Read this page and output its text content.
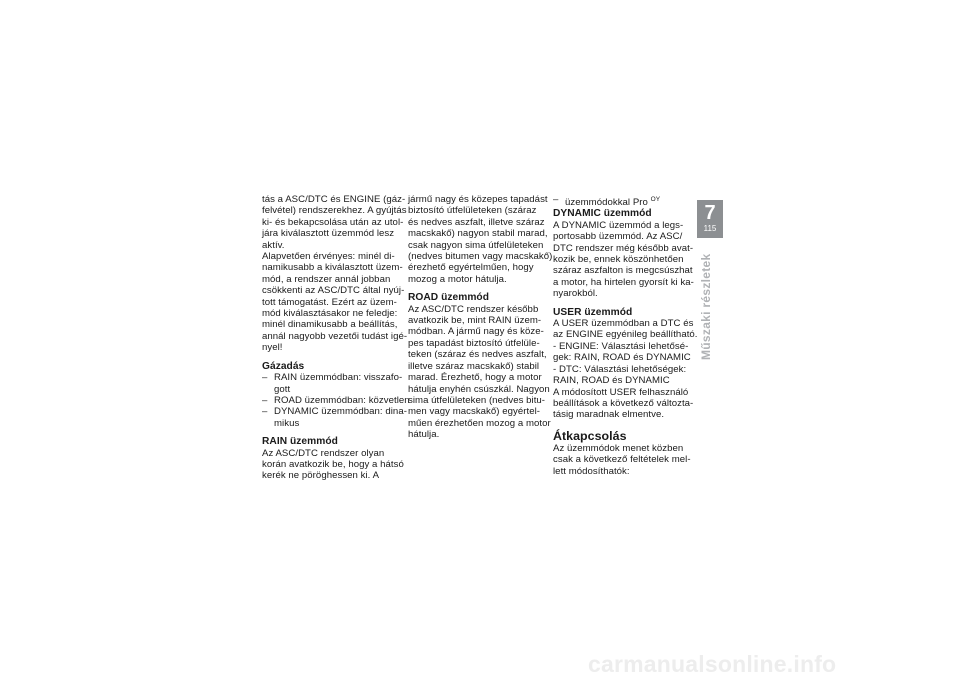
tás a ASC/DTC és ENGINE (gáz-
felvétel) rendszerekhez. A gyújtás
ki- és bekapcsolása után az utol-
jára kiválasztott üzemmód lesz
aktív.
Alapvetően érvényes: minél di-
namikusabb a kiválasztott üzem-
mód, a rendszer annál jobban
csökkenti az ASC/DTC által nyúj-
tott támogatást. Ezért az üzem-
mód kiválasztásakor ne feledje:
minél dinamikusabb a beállítás,
annál nagyobb vezetői tudást igé-
nyel!
Gázadás
– RAIN üzemmódban: visszafo-
gott
– ROAD üzemmódban: közvetlen
– DYNAMIC üzemmódban: dina-
mikus
RAIN üzemmód
Az ASC/DTC rendszer olyan
korán avatkozik be, hogy a hátsó
kerék ne pöröghessen ki. A
jármű nagy és közepes tapadást
biztosító útfelületeken (száraz
és nedves aszfalt, illetve száraz
macskakő) nagyon stabil marad,
csak nagyon sima útfelületeken
(nedves bitumen vagy macskakő)
érezhető egyértelműen, hogy
mozog a motor hátulja.
ROAD üzemmód
Az ASC/DTC rendszer később
avatkozik be, mint RAIN üzem-
módban. A jármű nagy és köze-
pes tapadást biztosító útfelüle-
teken (száraz és nedves aszfalt,
illetve száraz macskakő) stabil
marad. Érezhető, hogy a motor
hátulja enyhén csúszkál. Nagyon
sima útfelületeken (nedves bitu-
men vagy macskakő) egyértel-
műen érezhetően mozog a motor
hátulja.
– üzemmódokkal Pro $^{OY}$
DYNAMIC üzemmód
A DYNAMIC üzemmód a legs-
portosabb üzemmód. Az ASC/
DTC rendszer még később avat-
kozik be, ennek köszönhetően
száraz aszfalton is megcsúszhat
a motor, ha hirtelen gyorsít ki ka-
nyarokból.
USER üzemmód
A USER üzemmódban a DTC és
az ENGINE egyénileg beállítható.
- ENGINE: Választási lehetősé-
gek: RAIN, ROAD és DYNAMIC
- DTC: Választási lehetőségek:
RAIN, ROAD és DYNAMIC
A módosított USER felhasználó
beállítások a következő változta-
tásig maradnak elmentve.
Átkapcsolás
Az üzemmódok menet közben
csak a következő feltételek mel-
lett módosíthatók:
7
115
Műszaki részletek
carmanualsonline.info
